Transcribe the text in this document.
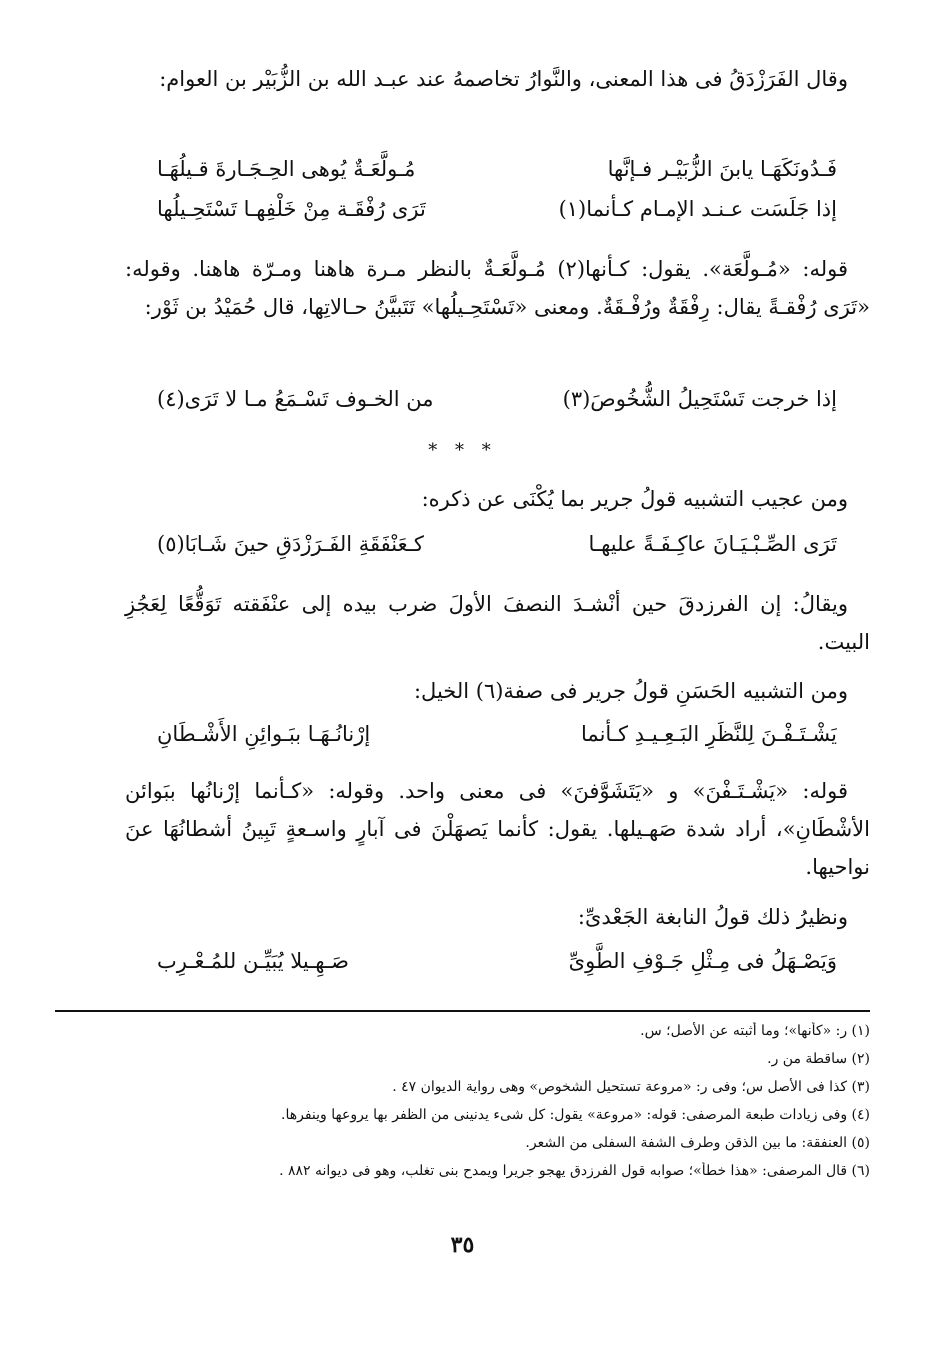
وقال الفَرَزْدَقُ فى هذا المعنى، والنَّوارُ تخاصمهُ عند عبـد الله بن الزُّبَيْر بن العوام:
فَـدُونَكَهَـا يابنَ الزُّبَيْـر فـإنَّها
مُـولَّعَـةٌ يُوهى الحِـجَـارةَ قـيلُهَـا
إذا جَلَسَت عـنـد الإمـام كـأنما(١)
تَرَى رُفْقَـة مِنْ خَلْفِهـا تَسْتَحِـيلُها
قوله: «مُـولَّعَة». يقول: كـأنها(٢) مُـولَّعَـةٌ بالنظر مـرة هاهنا ومـرّة هاهنا. وقوله: «تَرَى رُفْقـةً يقال: رِفْقَةٌ ورُفْـقَةٌ. ومعنى «تَسْتَحِـيلُها» تَتَبيَّنُ حـالاتِها، قال حُمَيْدُ بن ثَوْر:
إذا خرجت تَسْتَحِيلُ الشُّخُوصَ(٣)
من الخـوف تَسْـمَعُ مـا لا تَرَى(٤)
* * *
ومن عجيب التشبيه قولُ جرير بما يُكْنَى عن ذكره:
تَرَى الصِّـبْـيَـانَ عاكِـفَـةً عليهـا
كـعَنْفَقَةِ الفَـرَزْدَقِ حينَ شَـابَا(٥)
ويقالُ: إن الفرزدقَ حين أنْشـدَ النصفَ الأولَ ضرب بيده إلى عنْفَقته تَوَقُّعًا لِعَجُزِ البيت.
ومن التشبيه الحَسَنِ قولُ جرير فى صفة(٦) الخيل:
يَشْـتَـفْـنَ لِلنَّظَرِ البَـعِـيـدِ كـأنما
إرْنانُـهَـا ببَـوائِنِ الأَشْـطَانِ
قوله: «يَشْـتَـفْنَ» و «يَتَشَوَّفنَ» فى معنى واحد. وقوله: «كـأنما إرْنانُها ببَوائن الأشْطَانِ»، أراد شدة صَهـيلها. يقول: كأنما يَصهَلْنَ فى آبارٍ واسـعةٍ تَبِينُ أشطانُهَا عنَ نواحيها.
ونظيرُ ذلك قولُ النابغة الجَعْدىِّ:
وَيَصْـهَلُ فى مِـثْلِ جَـوْفِ الطَّوِىِّ
صَـهِـيلا يُبَيِّـن للمُـعْـرِب
(١) ر: «كأنها»؛ وما أثبته عن الأصل؛ س.
(٢) ساقطة من ر.
(٣) كذا فى الأصل س؛ وفى ر: «مروعة تستحيل الشخوص» وهى رواية الديوان ٤٧ .
(٤) وفى زيادات طبعة المرصفى: قوله: «مروعة» يقول: كل شىء يدنينى من الظفر بها يروعها وينفرها.
(٥) العنفقة: ما بين الذقن وطرف الشفة السفلى من الشعر.
(٦) قال المرصفى: «هذا خطأ»؛ صوابه قول الفرزدق يهجو جريرا ويمدح بنى تغلب، وهو فى ديوانه ٨٨٢ .
٣٥
